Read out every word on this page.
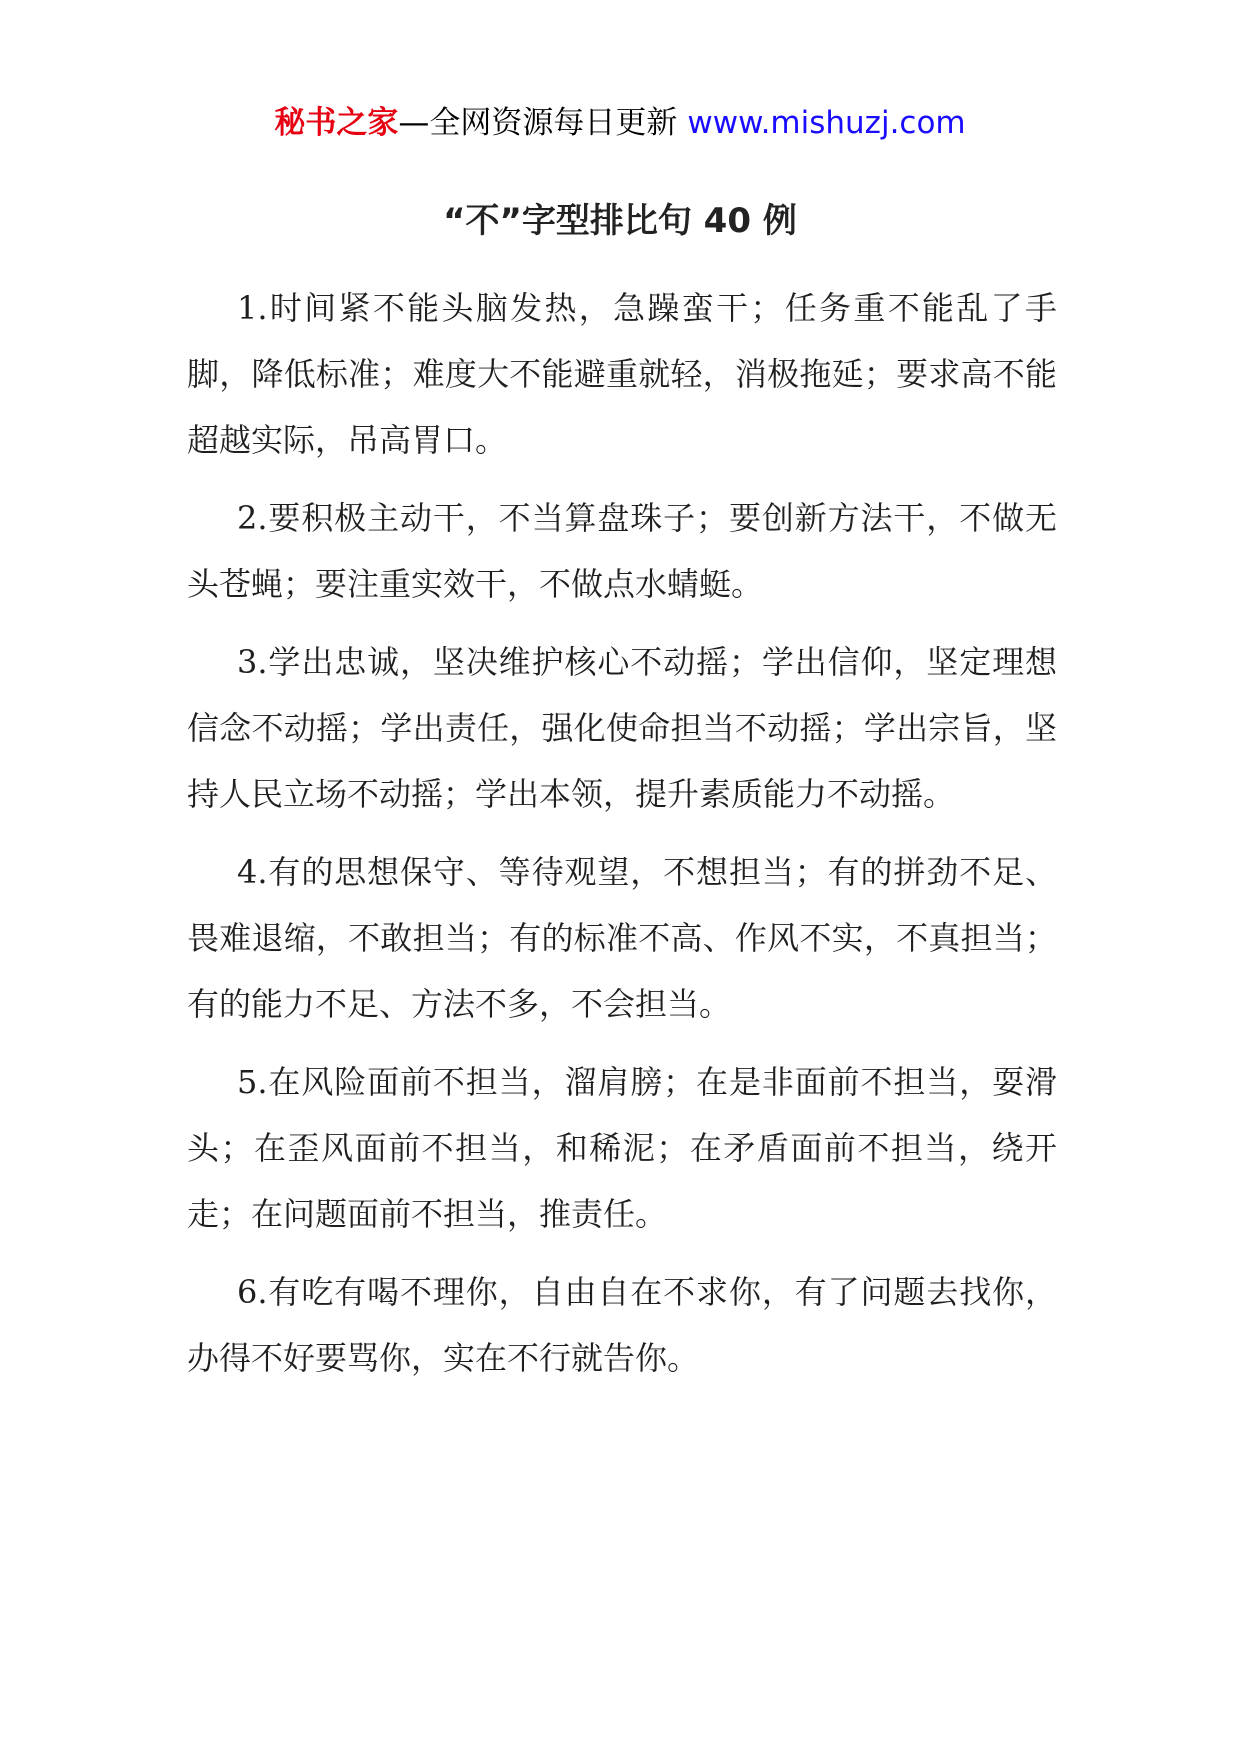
秘书之家—全网资源每日更新 www.mishuzj.com
“不”字型排比句 40 例

1.时间紧不能头脑发热，急躁蛮干；任务重不能乱了手脚，降低标准；难度大不能避重就轻，消极拖延；要求高不能超越实际，吊高胃口。

2.要积极主动干，不当算盘珠子；要创新方法干，不做无头苍蝇；要注重实效干，不做点水蜻蜓。

3.学出忠诚，坚决维护核心不动摇；学出信仰，坚定理想信念不动摇；学出责任，强化使命担当不动摇；学出宗旨，坚持人民立场不动摇；学出本领，提升素质能力不动摇。

4.有的思想保守、等待观望，不想担当；有的拼劲不足、畏难退缩，不敢担当；有的标准不高、作风不实，不真担当；有的能力不足、方法不多，不会担当。

5.在风险面前不担当，溜肩膀；在是非面前不担当，耍滑头；在歪风面前不担当，和稀泥；在矛盾面前不担当，绕开走；在问题面前不担当，推责任。

6.有吃有喝不理你，自由自在不求你，有了问题去找你，办得不好要骂你，实在不行就告你。
